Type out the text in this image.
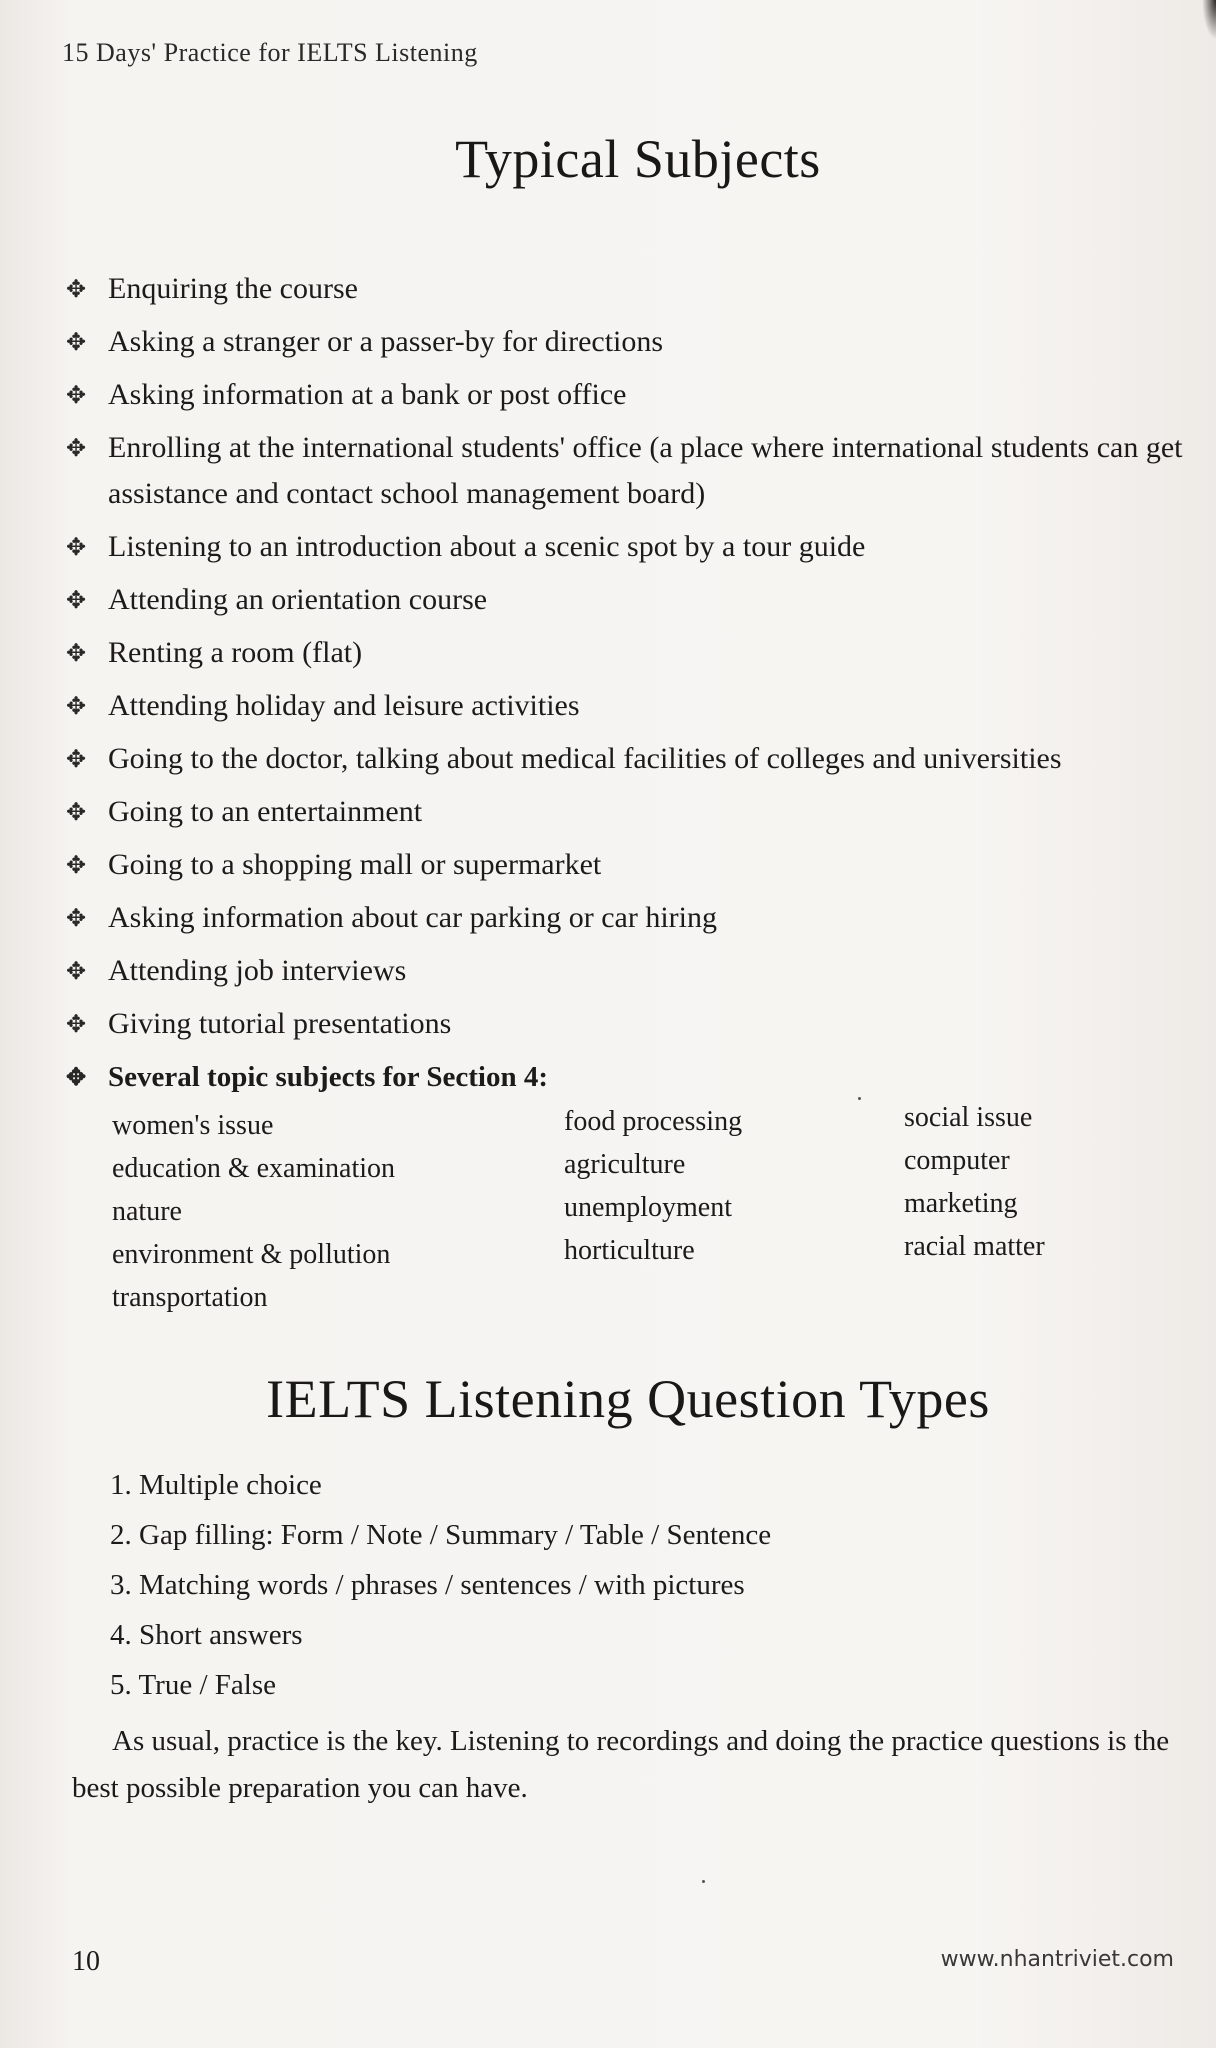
15 Days' Practice for IELTS Listening
Typical Subjects
✥ Enquiring the course
✥ Asking a stranger or a passer-by for directions
✥ Asking information at a bank or post office
✥ Enrolling at the international students' office (a place where international students can get assistance and contact school management board)
✥ Listening to an introduction about a scenic spot by a tour guide
✥ Attending an orientation course
✥ Renting a room (flat)
✥ Attending holiday and leisure activities
✥ Going to the doctor, talking about medical facilities of colleges and universities
✥ Going to an entertainment
✥ Going to a shopping mall or supermarket
✥ Asking information about car parking or car hiring
✥ Attending job interviews
✥ Giving tutorial presentations
✥ Several topic subjects for Section 4:
women's issue
education & examination
nature
environment & pollution
transportation
food processing
agriculture
unemployment
horticulture
social issue
computer
marketing
racial matter
IELTS Listening Question Types
1. Multiple choice
2. Gap filling: Form / Note / Summary / Table / Sentence
3. Matching words / phrases / sentences / with pictures
4. Short answers
5. True / False

As usual, practice is the key. Listening to recordings and doing the practice questions is the best possible preparation you can have.

10	www.nhantriviet.com
